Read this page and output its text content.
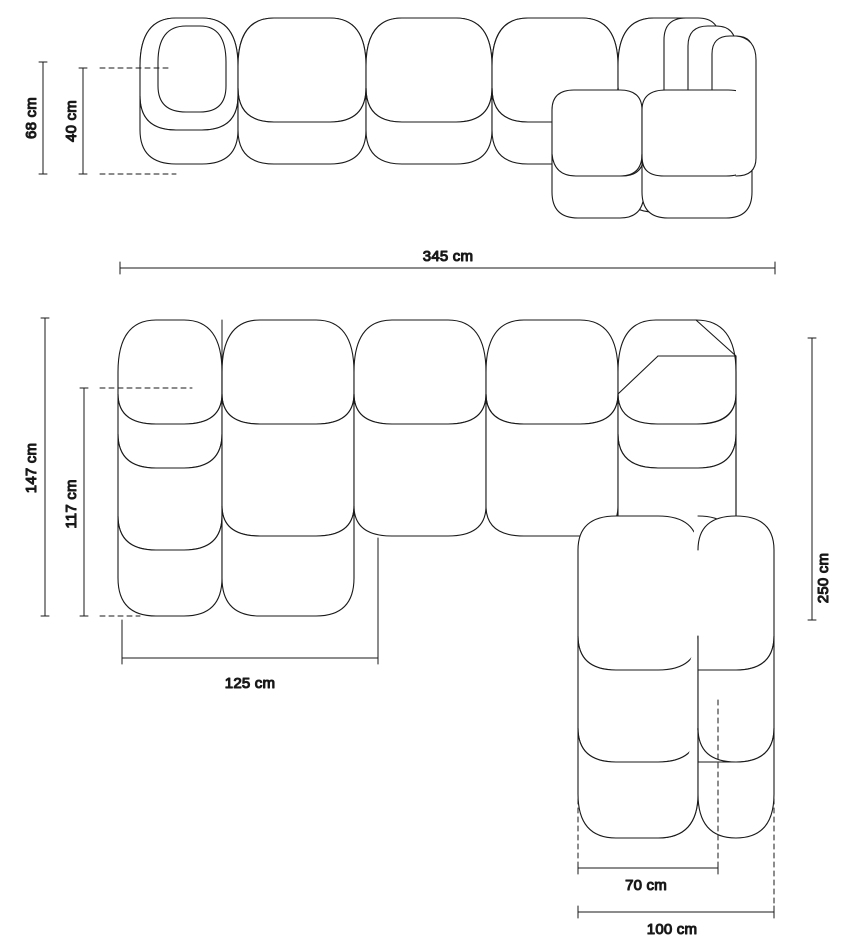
68 cm 40 cm
345 cm
147 cm
117 cm
125 cm
250 cm
70 cm
100 cm
